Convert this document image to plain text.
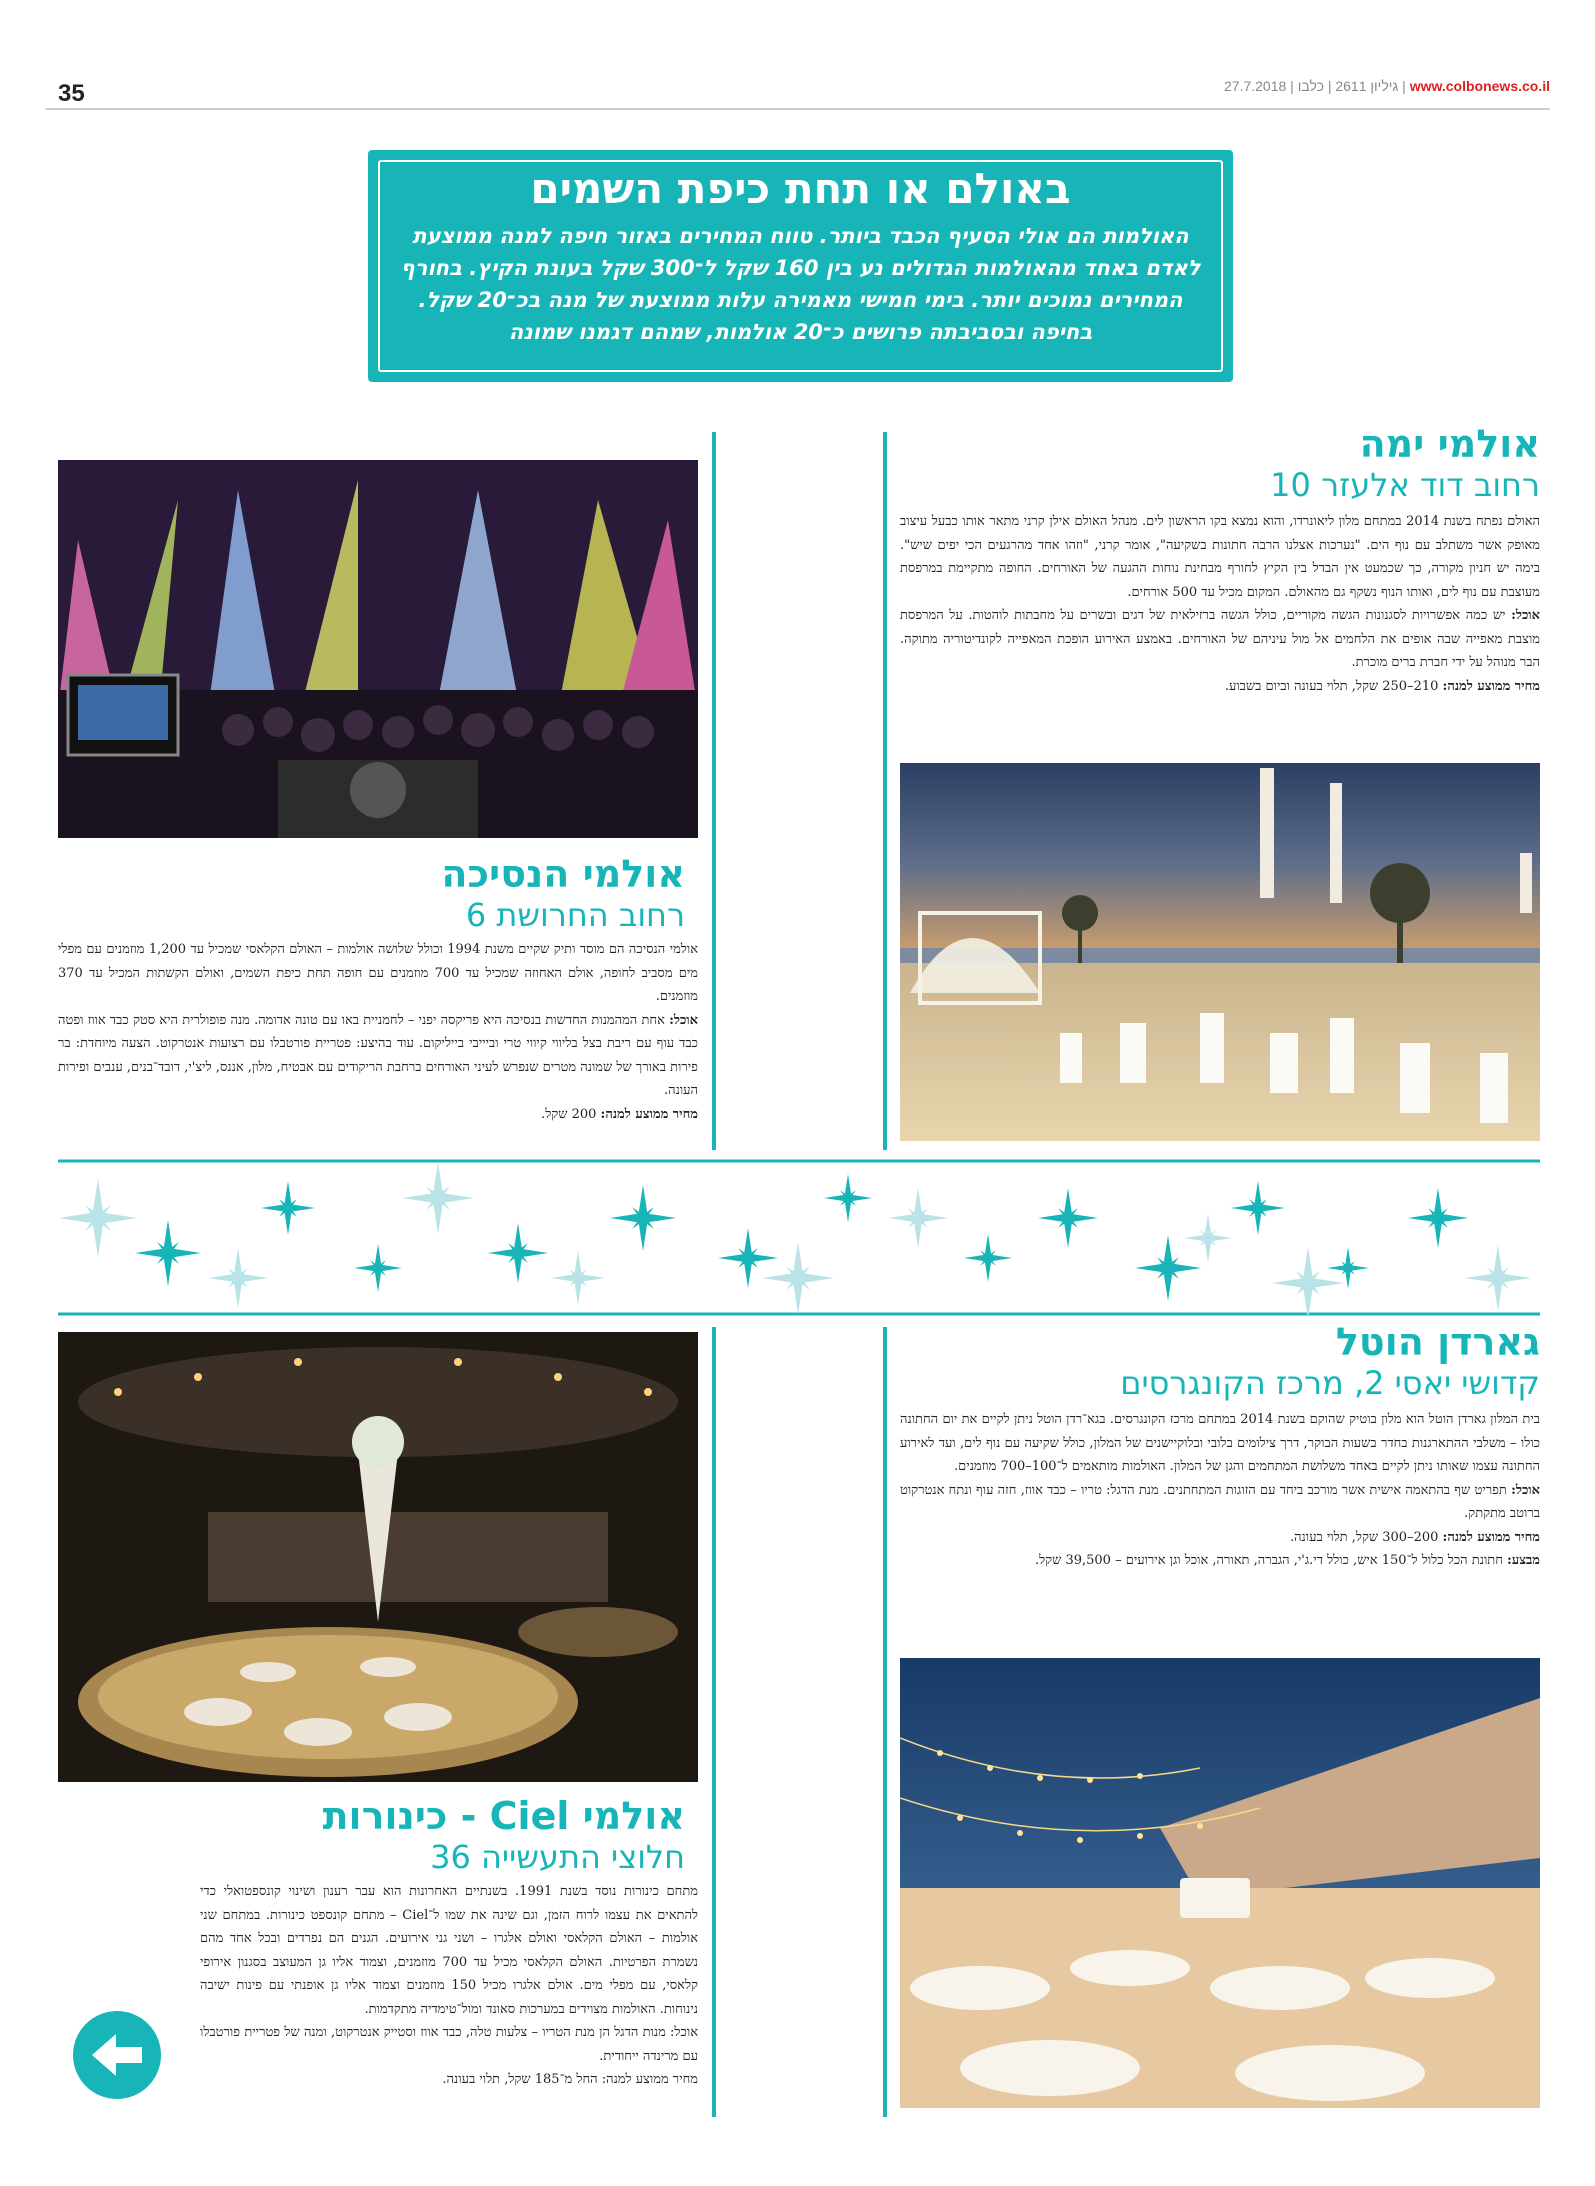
35	27.7.2018 |	גיליון 2611 | כלבו	| www.colbonews.co.il
באולם או תחת כיפת השמים

האולמות הם אולי הסעיף הכבד ביותר. טווח המחירים באזור חיפה למנה ממוצעת לאדם באחד מהאולמות הגדולים נע בין 160 שקל ל־300 שקל בעונת הקיץ. בחורף המחירים נמוכים יותר. בימי חמישי מאמירה עלות ממוצעת של מנה בכ־20 שקל. בחיפה ובסביבתה פרושים כ־20 אולמות, שמהם דגמנו שמונה

אולמי ימה
רחוב דוד אלעזר 10

האולם נפתח בשנת 2014 במתחם מלון ליאונרדו, והוא נמצא בקו הראשון לים. מנהל האולם אילן קרני מתאר אותו כבעל עיצוב מאופק אשר משתלב עם נוף הים. "נערכות אצלנו הרבה חתונות בשקיעה", אומר קרני, "וזהו אחד מהרגעים הכי יפים שיש". בימה יש חניון מקורה, כך שכמעט אין הבדל בין הקיץ לחורף מבחינת נוחות ההגעה של האורחים. החופה מתקיימת במרפסת מעוצבת עם נוף לים, ואותו הנוף נשקף גם מהאולם. המקום מכיל עד 500 אורחים.

אוכל: יש כמה אפשרויות לסגנונות הגשה מקוריים, כולל הגשה ברזילאית של דגים ובשרים על מחבתות לוהטות. על המרפסת מוצבת מאפייה שבה אופים את הלחמים אל מול עיניהם של האורחים. באמצע האירוע הופכת המאפייה לקונדיטוריה מתוקה. הבר מנוהל על ידי חברת ברים מוכרת.

מחיר ממוצע למנה: 210–250 שקל, תלוי בעונה וביום בשבוע.

אולמי הנסיכה
רחוב החרושת 6

אולמי הנסיכה הם מוסד ותיק שקיים משנת 1994 וכולל שלושה אולמות – האולם הקלאסי שמכיל עד 1,200 מוזמנים עם מפלי מים מסביב לחופה, אולם האחוזה שמכיל עד 700 מוזמנים עם חופה תחת כיפת השמים, ואולם הקשתות המכיל עד 370 מוזמנים.

אוכל: אחת המהמנות החדשות בנסיכה היא פריקסה יפני – לחמניית באו עם טונה אדומה. מנה פופולרית היא סטק כבד אווז ופטה כבד עוף עם ריבת בצל בליווי קיווי טרי וביייבי בייליקום. עוד בהיצע: פטריית פורטבלו עם רצועות אנטרקוט. הצעה מיוחדת: בר פירות באורך של שמונה מטרים שנפרש לעיני האורחים ברחבת הריקודים עם אבטיח, מלון, אננס, ליצ'י, דובד־בנים, ענבים ופירות העונה.

מחיר ממוצע למנה: 200 שקל.

גארדן הוטל
קדושי יאסי 2, מרכז הקונגרסים

בית המלון גארדן הוטל הוא מלון בוטיק שהוקם בשנת 2014 במתחם מרכז הקונגרסים. בגא־רדן הוטל ניתן לקיים את יום החתונה כולו – משלבי ההתארגנות בחדר בשעות הבוקר, דרך צילומים בלובי ובלוקיישנים של המלון, כולל שקיעה עם נוף לים, ועד לאירוע החתונה עצמו שאותו ניתן לקיים באחד משלושת המתחמים והגן של המלון. האולמות מותאמים ל־100–700 מוזמנים.

אוכל: תפריט שף בהתאמה אישית אשר מורכב ביחד עם הזוגות המתחתנים. מנת הדגל: טריו – כבד אווז, חזה עוף ונתח אנטרקוט ברוטב מתקתק.

מחיר ממוצע למנה: 200–300 שקל, תלוי בעונה.

מבצע: חתונת הכל כלול ל־150 איש, כולל די.ג'י, הגברה, תאורה, אוכל וגן אירועים – 39,500 שקל.

אולמי Ciel - כינורות
חלוצי התעשייה 36

מתחם כינורות נוסד בשנת 1991. בשנתיים האחרונות הוא עבר רענון ושינוי קונספטואלי כדי להתאים את עצמו לרוח הזמן, וגם שינה את שמו ל־Ciel – מתחם קונספט כינורות. במתחם שני אולמות – האולם הקלאסי ואולם אלגרו – ושני גני אירועים. הגנים הם נפרדים ובכל אחד מהם נשמרת הפרטיות. האולם הקלאסי מכיל עד 700 מוזמנים, וצמוד אליו גן המעוצב בסגנון אירופי קלאסי, עם מפלי מים. אולם אלגרו מכיל 150 מוזמנים וצמוד אליו גן אופנתי עם פינות ישיבה נינוחות. האולמות מצוידים במערכות סאונד ומול־טימדיה מתקדמות.

אוכל: מנות הדגל הן מנת הטריו – צלעות טלה, כבד אווז וסטייק אנטרקוט, ומנה של פטריית פורטבלו עם מרינדה ייחודית.

מחיר ממוצע למנה: החל מ־185 שקל, תלוי בעונה.
